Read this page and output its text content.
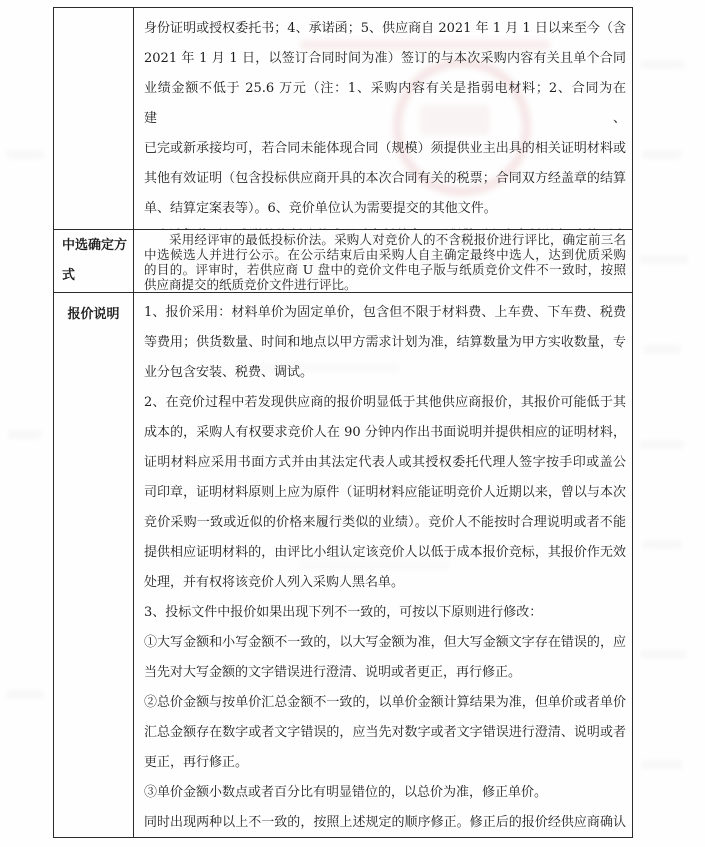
身份证明或授权委托书；4、承诺函；5、供应商自 2021 年 1 月 1 日以来至今（含
2021 年 1 月 1 日，以签订合同时间为准）签订的与本次采购内容有关且单个合同
业绩金额不低于 25.6 万元（注：1、采购内容有关是指弱电材料；2、合同为在建、
已完或新承接均可，若合同未能体现合同（规模）须提供业主出具的相关证明材料或
其他有效证明（包含投标供应商开具的本次合同有关的税票；合同双方经盖章的结算
单、结算定案表等）。6、竞价单位认为需要提交的其他文件。
中选确定方
式
采用经评审的最低投标价法。采购人对竞价人的不含税报价进行评比，确定前三名
中选候选人并进行公示。在公示结束后由采购人自主确定最终中选人，达到优质采购
的目的。评审时，若供应商 U 盘中的竞价文件电子版与纸质竞价文件不一致时，按照
供应商提交的纸质竞价文件进行评比。
报价说明	1、报价采用：材料单价为固定单价，包含但不限于材料费、上车费、下车费、税费
等费用；供货数量、时间和地点以甲方需求计划为准，结算数量为甲方实收数量，专
业分包含安装、税费、调试。
2、在竞价过程中若发现供应商的报价明显低于其他供应商报价，其报价可能低于其
成本的，采购人有权要求竞价人在 90 分钟内作出书面说明并提供相应的证明材料，
证明材料应采用书面方式并由其法定代表人或其授权委托代理人签字按手印或盖公
司印章，证明材料原则上应为原件（证明材料应能证明竞价人近期以来，曾以与本次
竞价采购一致或近似的价格来履行类似的业绩）。竞价人不能按时合理说明或者不能
提供相应证明材料的，由评比小组认定该竞价人以低于成本报价竞标，其报价作无效
处理，并有权将该竞价人列入采购人黑名单。
3、投标文件中报价如果出现下列不一致的，可按以下原则进行修改：
①大写金额和小写金额不一致的，以大写金额为准，但大写金额文字存在错误的，应
当先对大写金额的文字错误进行澄清、说明或者更正，再行修正。
②总价金额与按单价汇总金额不一致的，以单价金额计算结果为准，但单价或者单价
汇总金额存在数字或者文字错误的，应当先对数字或者文字错误进行澄清、说明或者
更正，再行修正。
③单价金额小数点或者百分比有明显错位的，以总价为准，修正单价。
同时出现两种以上不一致的，按照上述规定的顺序修正。修正后的报价经供应商确认
